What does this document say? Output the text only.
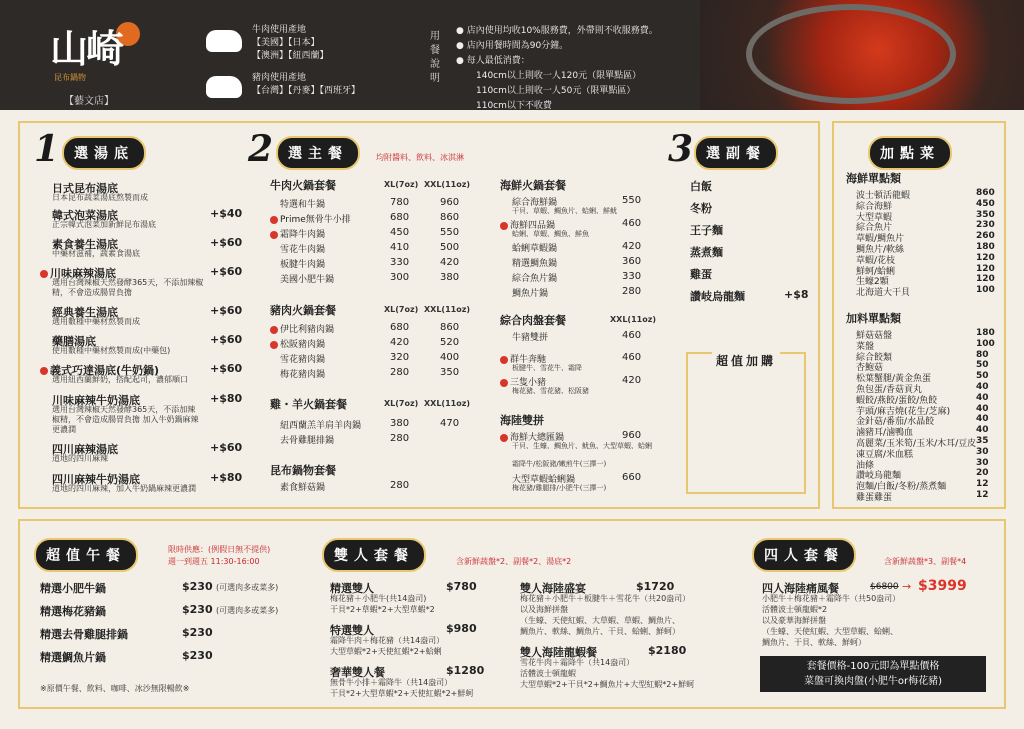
山崎
昆布鍋物
【藝文店】
牛肉使用產地
【美國】【日本】
【澳洲】【紐西蘭】
豬肉使用產地
【台灣】【丹麥】【西班牙】
用餐說明
● 店內使用均收10%服務費，外帶則不收服務費。
● 店內用餐時間為90分鐘。
● 每人最低消費：
140cm以上則收一人120元（限單點區）
110cm以上則收一人50元（限單點區）
110cm以下不收費
1	選湯底
日式昆布湯底
日本昆布蔬菜湯底熬製而成
韓式泡菜湯底	+$40
正宗韓式泡菜加新鮮昆布湯底
素食養生湯底	+$60
中藥材滋補，蔬素食湯底
川味麻辣湯底	+$60
選用台灣辣椒天然發酵365天，不添加辣椒精，不會造成腸胃負擔
經典養生湯底	+$60
選用數種中藥材熬製而成
藥膳湯底	+$60
使用數種中藥材熬製而成(中藥包)
義式巧達湯底(牛奶鍋)	+$60
選用紐西蘭鮮奶，搭配起司，濃郁順口
川味麻辣牛奶湯底	+$80
選用台灣辣椒天然發酵365天，不添加辣椒精，不會造成腸胃負擔 加入牛奶鍋麻辣更濃潤
四川麻辣湯底	+$60
道地的四川麻辣
四川麻辣牛奶湯底	+$80
道地的四川麻辣，加入牛奶鍋麻辣更濃潤
2	選主餐	均附醬料、飲料、冰淇淋
牛肉火鍋套餐	XL(7oz) XXL(11oz)
特選和牛鍋	780	960
Prime無骨牛小排	680	860
霜降牛肉鍋	450	550
雪花牛肉鍋	410	500
板腱牛肉鍋	330	420
美國小肥牛鍋	300	380
豬肉火鍋套餐	XL(7oz) XXL(11oz)
伊比利豬肉鍋	680	860
松阪豬肉鍋	420	520
雪花豬肉鍋	320	400
梅花豬肉鍋	280	350
雞・羊火鍋套餐	XL(7oz) XXL(11oz)
紐西蘭羔羊肩羊肉鍋	380	470
去骨雞腿排鍋	280
昆布鍋物套餐
素食鮮菇鍋	280
海鮮火鍋套餐
綜合海鮮鍋	550
干貝、草蝦、鯛魚片、蛤蜊、鮮魷
海鮮四品鍋	460
蛤蜊、草蝦、鯛魚、鮮魚
蛤蜊草蝦鍋	420
精選鯛魚鍋	360
綜合魚片鍋	330
鯛魚片鍋	280
綜合肉盤套餐	XXL(11oz)
牛豬雙拼	460
群牛奔馳	460
板腱牛、雪花牛、霜降
三隻小豬	420
梅花豬、雪花豬、松阪豬
海陸雙拼
海鮮大總匯鍋	960
干貝、生蠔、鯛魚片、魷魚、大型草蝦、蛤蜊
霜降牛/松阪豬/嫩煎牛(三擇一)
大型草蝦蛤蜊鍋	660
梅花豬/雞腿排/小肥牛(三擇一)
3 選副餐
白飯
冬粉
王子麵
蒸煮麵
雞蛋
讚岐烏龍麵	+$8
超值加購
加點菜
海鮮單點類
波士頓活龍蝦	860
綜合海鮮	450
大型草蝦	350
綜合魚片	230
草蝦/鯛魚片	260
鯛魚片/軟絲	180
草蝦/花枝	120
鮮蚵/蛤蜊	120
生蠔2顆	120
北海道大干貝	100
加料單點類
鮮菇菇盤	180
菜盤	100
綜合餃類	80
杏鮑菇	50
松葉蟹腿/黃金魚蛋	50
魚包蛋/香菇貢丸	40
蝦餃/燕餃/蛋餃/魚餃	40
芋頭/麻吉燒(花生/芝麻)	40
金針菇/番茄/水晶餃	40
滷豬耳/滷鴨血	40
高麗菜/玉米筍/玉米/木耳/豆皮 35
凍豆腐/米血糕	30
油條	30
讚岐烏龍麵	20
泡麵/白飯/冬粉/蒸煮麵	12
雞蛋雞蛋	12
超值午餐	限時供應：(例假日無不提供)
週一到週五 11:30-16:00
精選小肥牛鍋	$230 (可選肉多或菜多)
精選梅花豬鍋	$230 (可選肉多或菜多)
精選去骨雞腿排鍋	$230
精選鯛魚片鍋	$230
※原價午餐、飲料、咖啡、冰沙無限暢飲※
雙人套餐	含新鮮蔬盤*2、副餐*2、湯底*2
精選雙人	$780
梅花豬＋小肥牛(共14盎司)
干貝*2+草蝦*2+大型草蝦*2
特選雙人	$980
霜降牛肉＋梅花豬（共14盎司）
大型草蝦*2+天使紅蝦*2+蛤蜊
奢華雙人餐	$1280
無骨牛小排＋霜降牛（共14盎司）
干貝*2+大型草蝦*2+天使紅蝦*2+鮮蚵
雙人海陸盛宴	$1720
梅花豬＋小肥牛＋板腱牛＋雪花牛（共20盎司）
以及海鮮拼盤
（生蠔、天使紅蝦、大草蝦、草蝦、鯛魚片、
鯛魚片、軟絲、鯛魚片、干貝、蛤蜊、鮮蚵）
雙人海陸龍蝦餐	$2180
雪花牛肉＋霜降牛（共14盎司）
活體波士頓龍蝦
大型草蝦*2+干貝*2+鯛魚片+大型紅蝦*2+鮮蚵
四人套餐	含新鮮蔬盤*3、副餐*4
四人海陸痛風餐	$6800 → $3999
小肥牛＋梅花豬＋霜降牛（共50盎司）
活體波士頓龍蝦*2
以及豪華海鮮拼盤
（生蠔、天使紅蝦、大型草蝦、蛤蜊、
鯛魚片、干貝、軟絲、鮮蚵）
套餐價格-100元即為單點價格
菜盤可換肉盤(小肥牛or梅花豬)
